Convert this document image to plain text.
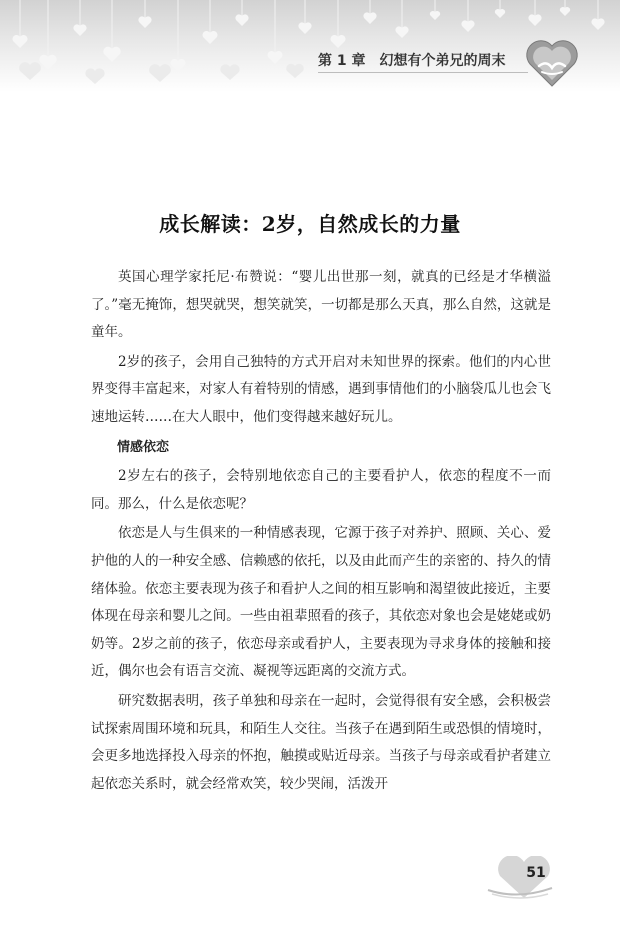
第 1 章 幻想有个弟兄的周末
成长解读：2岁，自然成长的力量

英国心理学家托尼·布赞说：“婴儿出世那一刻，就真的已经是才华横溢了。”毫无掩饰，想哭就哭，想笑就笑，一切都是那么天真，那么自然，这就是童年。

2岁的孩子，会用自己独特的方式开启对未知世界的探索。他们的内心世界变得丰富起来，对家人有着特别的情感，遇到事情他们的小脑袋瓜儿也会飞速地运转……在大人眼中，他们变得越来越好玩儿。

情感依恋

2岁左右的孩子，会特别地依恋自己的主要看护人，依恋的程度不一而同。那么，什么是依恋呢？

依恋是人与生俱来的一种情感表现，它源于孩子对养护、照顾、关心、爱护他的人的一种安全感、信赖感的依托，以及由此而产生的亲密的、持久的情绪体验。依恋主要表现为孩子和看护人之间的相互影响和渴望彼此接近，主要体现在母亲和婴儿之间。一些由祖辈照看的孩子，其依恋对象也会是姥姥或奶奶等。2岁之前的孩子，依恋母亲或看护人，主要表现为寻求身体的接触和接近，偶尔也会有语言交流、凝视等远距离的交流方式。

研究数据表明，孩子单独和母亲在一起时，会觉得很有安全感，会积极尝试探索周围环境和玩具，和陌生人交往。当孩子在遇到陌生或恐惧的情境时，会更多地选择投入母亲的怀抱，触摸或贴近母亲。当孩子与母亲或看护者建立起依恋关系时，就会经常欢笑，较少哭闹，活泼开

51
